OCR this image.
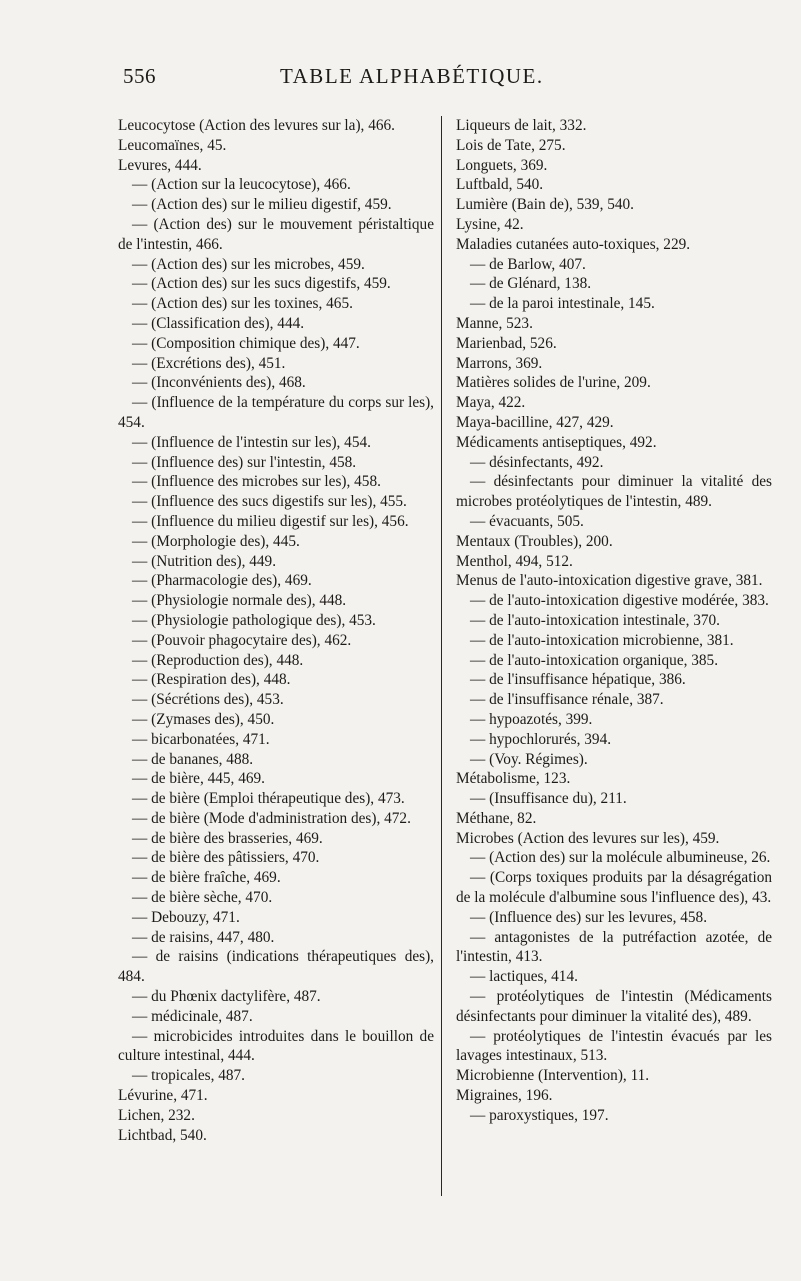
556	TABLE ALPHABÉTIQUE.
Leucocytose (Action des levures sur la), 466.
Leucomaïnes, 45.
Levures, 444.
— (Action sur la leucocytose), 466.
— (Action des) sur le milieu digestif, 459.
— (Action des) sur le mouvement péristaltique de l'intestin, 466.
— (Action des) sur les microbes, 459.
— (Action des) sur les sucs digestifs, 459.
— (Action des) sur les toxines, 465.
— (Classification des), 444.
— (Composition chimique des), 447.
— (Excrétions des), 451.
— (Inconvénients des), 468.
— (Influence de la température du corps sur les), 454.
— (Influence de l'intestin sur les), 454.
— (Influence des) sur l'intestin, 458.
— (Influence des microbes sur les), 458.
— (Influence des sucs digestifs sur les), 455.
— (Influence du milieu digestif sur les), 456.
— (Morphologie des), 445.
— (Nutrition des), 449.
— (Pharmacologie des), 469.
— (Physiologie normale des), 448.
— (Physiologie pathologique des), 453.
— (Pouvoir phagocytaire des), 462.
— (Reproduction des), 448.
— (Respiration des), 448.
— (Sécrétions des), 453.
— (Zymases des), 450.
— bicarbonatées, 471.
— de bananes, 488.
— de bière, 445, 469.
— de bière (Emploi thérapeutique des), 473.
— de bière (Mode d'administration des), 472.
— de bière des brasseries, 469.
— de bière des pâtissiers, 470.
— de bière fraîche, 469.
— de bière sèche, 470.
— Debouzy, 471.
— de raisins, 447, 480.
— de raisins (indications thérapeutiques des), 484.
— du Phœnix dactylifère, 487.
— médicinale, 487.
— microbicides introduites dans le bouillon de culture intestinal, 444.
— tropicales, 487.
Lévurine, 471.
Lichen, 232.
Lichtbad, 540.
Liqueurs de lait, 332.
Lois de Tate, 275.
Longuets, 369.
Luftbald, 540.
Lumière (Bain de), 539, 540.
Lysine, 42.
Maladies cutanées auto-toxiques, 229.
— de Barlow, 407.
— de Glénard, 138.
— de la paroi intestinale, 145.
Manne, 523.
Marienbad, 526.
Marrons, 369.
Matières solides de l'urine, 209.
Maya, 422.
Maya-bacilline, 427, 429.
Médicaments antiseptiques, 492.
— désinfectants, 492.
— désinfectants pour diminuer la vitalité des microbes protéolytiques de l'intestin, 489.
— évacuants, 505.
Mentaux (Troubles), 200.
Menthol, 494, 512.
Menus de l'auto-intoxication digestive grave, 381.
— de l'auto-intoxication digestive modérée, 383.
— de l'auto-intoxication intestinale, 370.
— de l'auto-intoxication microbienne, 381.
— de l'auto-intoxication organique, 385.
— de l'insuffisance hépatique, 386.
— de l'insuffisance rénale, 387.
— hypoazotés, 399.
— hypochlorurés, 394.
— (Voy. Régimes).
Métabolisme, 123.
— (Insuffisance du), 211.
Méthane, 82.
Microbes (Action des levures sur les), 459.
— (Action des) sur la molécule albumineuse, 26.
— (Corps toxiques produits par la désagrégation de la molécule d'albumine sous l'influence des), 43.
— (Influence des) sur les levures, 458.
— antagonistes de la putréfaction azotée, de l'intestin, 413.
— lactiques, 414.
— protéolytiques de l'intestin (Médicaments désinfectants pour diminuer la vitalité des), 489.
— protéolytiques de l'intestin évacués par les lavages intestinaux, 513.
Microbienne (Intervention), 11.
Migraines, 196.
— paroxystiques, 197.
